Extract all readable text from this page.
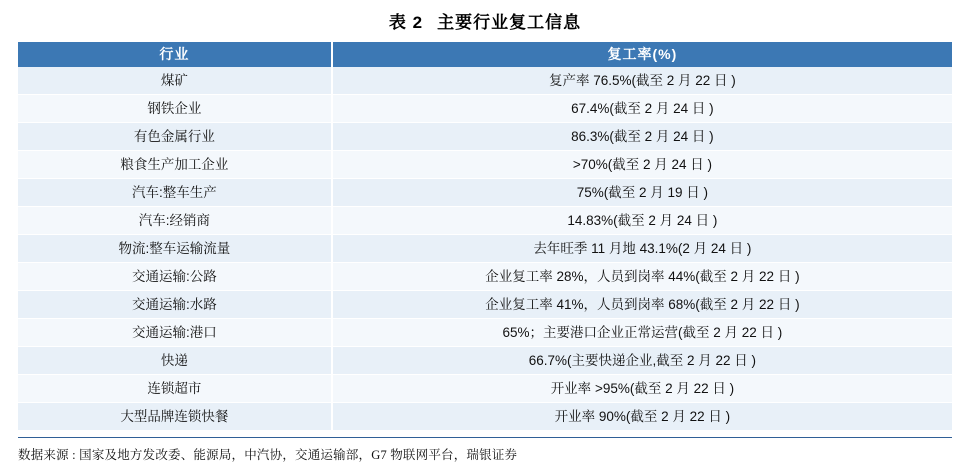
表 2 主要行业复工信息
行业	复工率(%)
煤矿	复产率 76.5%(截至 2 月 22 日 )
钢铁企业	67.4%(截至 2 月 24 日 )
有色金属行业	86.3%(截至 2 月 24 日 )
粮食生产加工企业	>70%(截至 2 月 24 日 )
汽车:整车生产	75%(截至 2 月 19 日 )
汽车:经销商	14.83%(截至 2 月 24 日 )
物流:整车运输流量	去年旺季 11 月地 43.1%(2 月 24 日 )
交通运输:公路	企业复工率 28%，人员到岗率 44%(截至 2 月 22 日 )
交通运输:水路	企业复工率 41%，人员到岗率 68%(截至 2 月 22 日 )
交通运输:港口	65%；主要港口企业正常运营(截至 2 月 22 日 )
快递	66.7%(主要快递企业,截至 2 月 22 日 )
连锁超市	开业率 >95%(截至 2 月 22 日 )
大型品牌连锁快餐	开业率 90%(截至 2 月 22 日 )
数据来源 : 国家及地方发改委、能源局，中汽协，交通运输部，G7 物联网平台，瑞银证券
